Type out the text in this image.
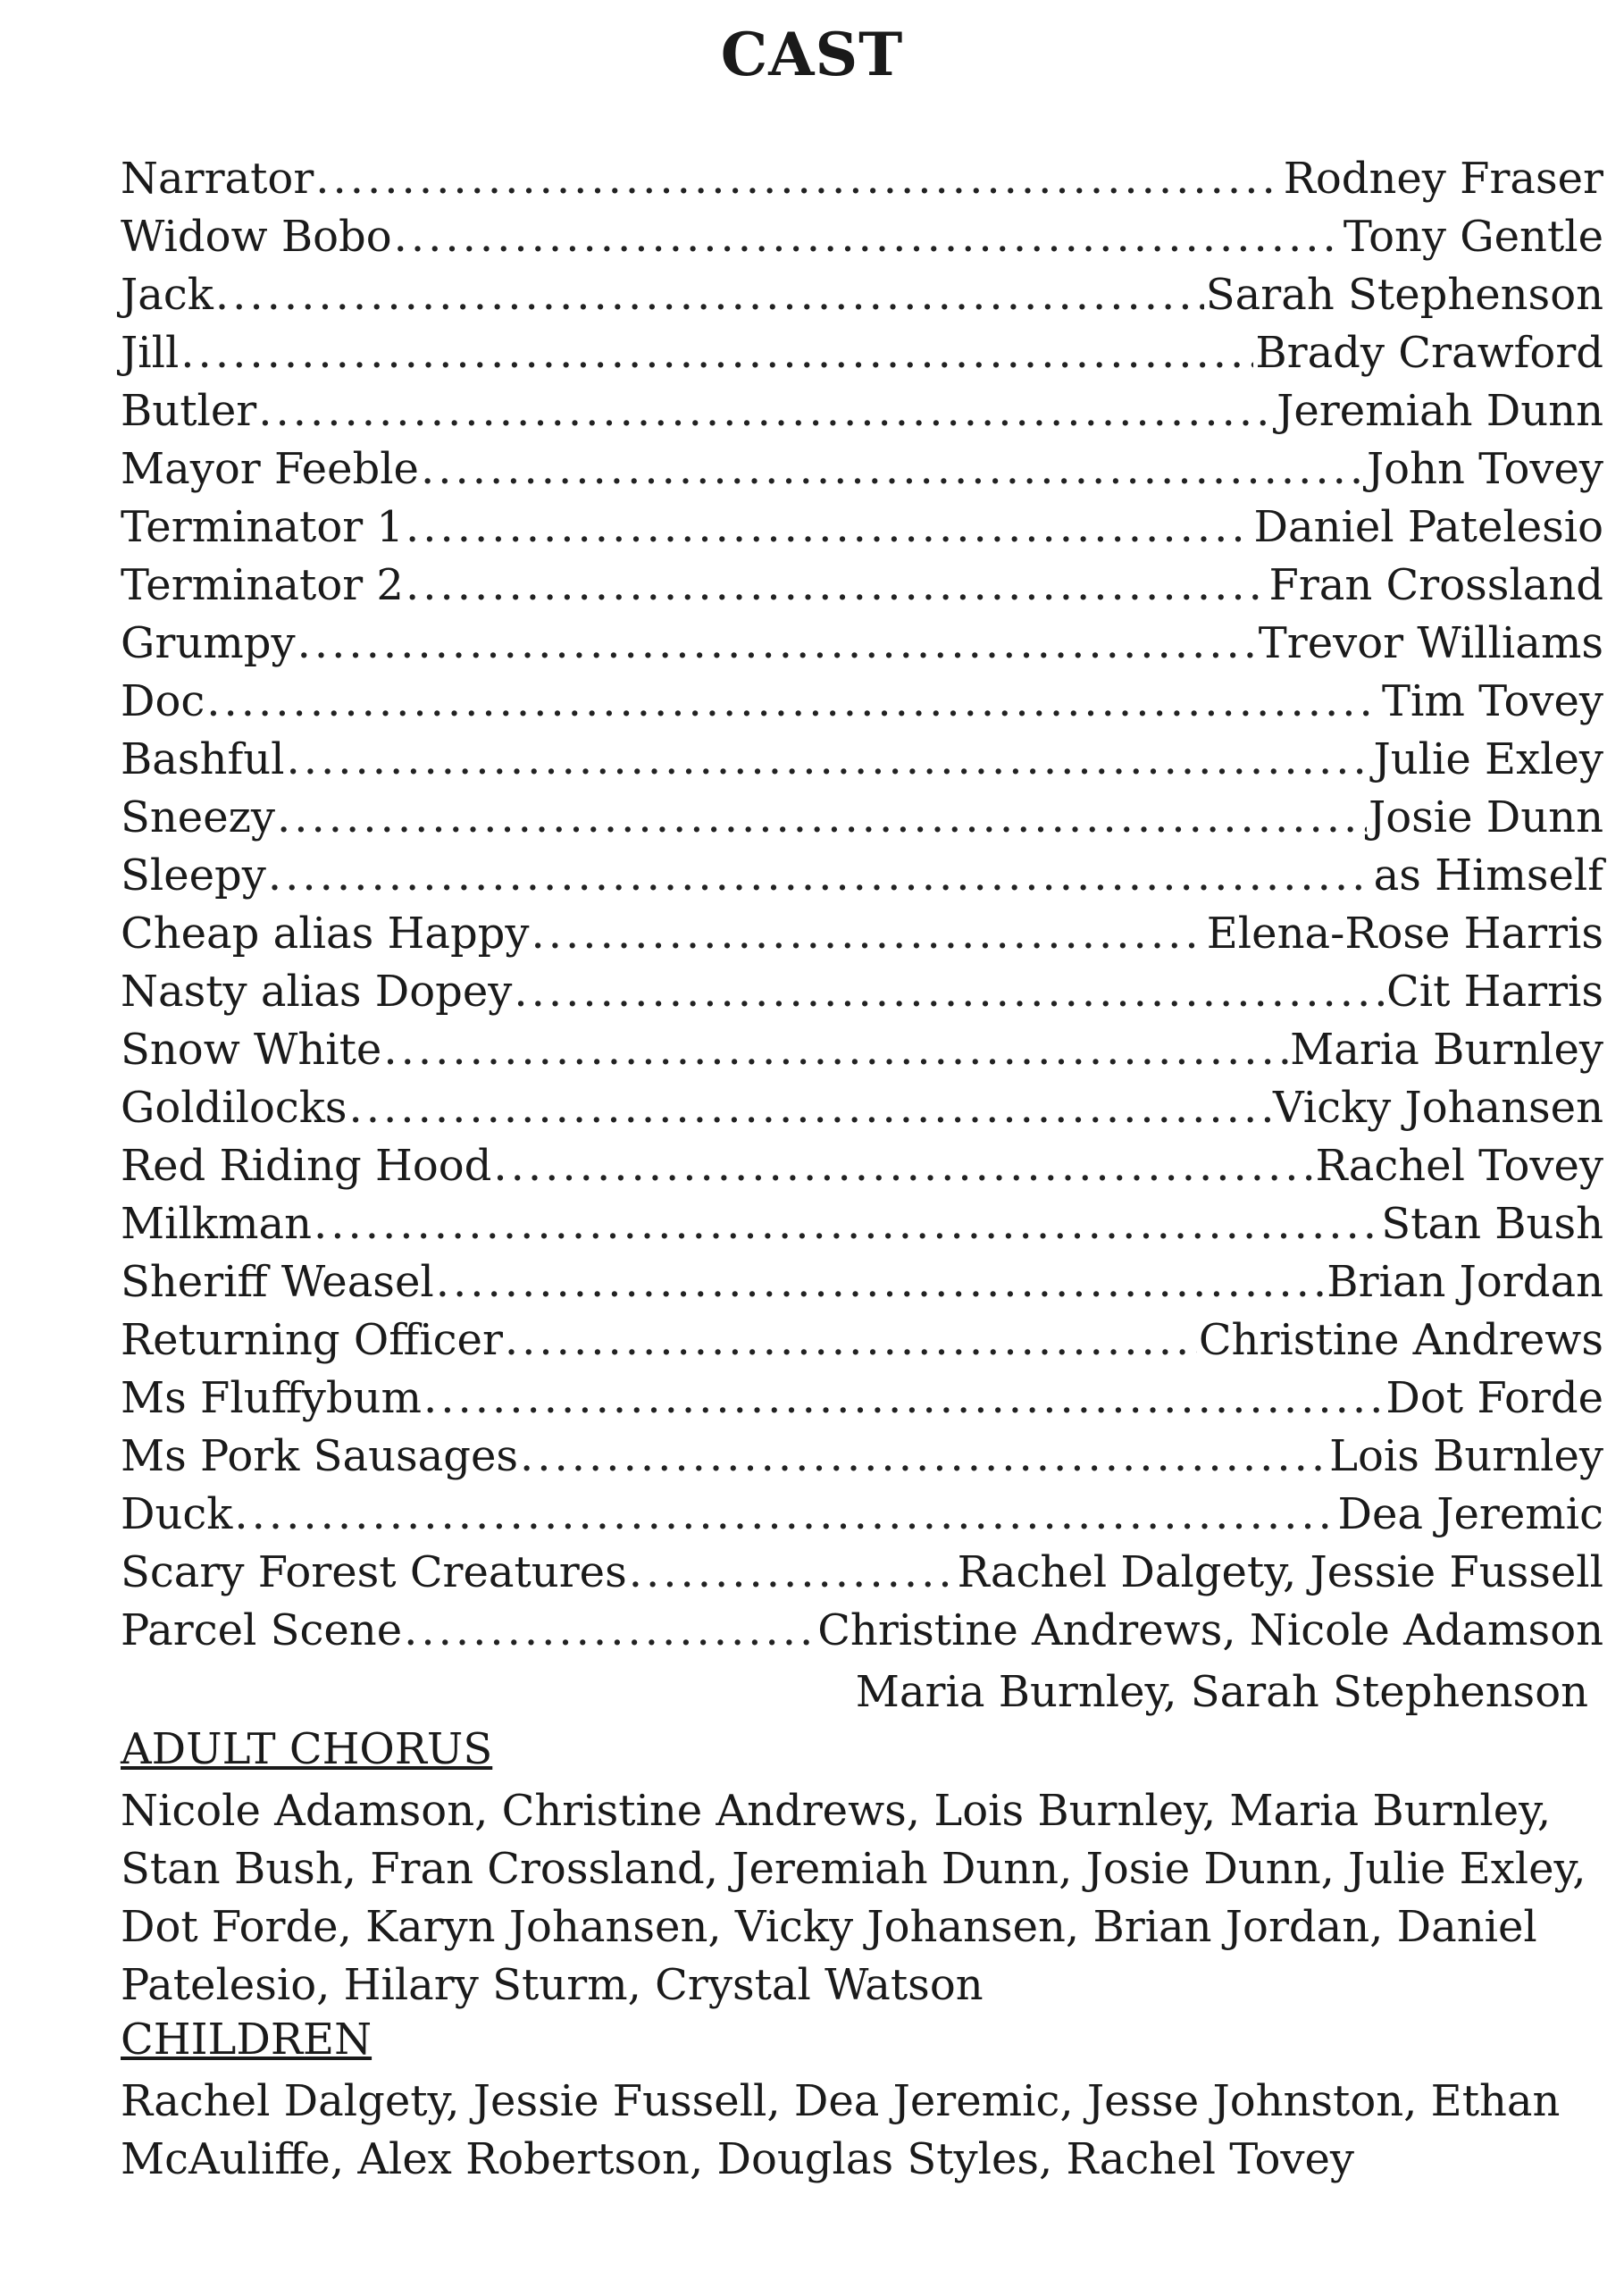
CAST
Narrator .....	Rodney Fraser
Widow Bobo .....	Tony Gentle
Jack .....	Sarah Stephenson
Jill .....	Brady Crawford
Butler .....	Jeremiah Dunn
Mayor Feeble .....	John Tovey
Terminator 1 .....	Daniel Patelesio
Terminator 2 .....	Fran Crossland
Grumpy .....	Trevor Williams
Doc .....	Tim Tovey
Bashful .....	Julie Exley
Sneezy .....	Josie Dunn
Sleepy .....	as Himself
Cheap alias Happy .....	Elena-Rose Harris
Nasty alias Dopey .....	Cit Harris
Snow White .....	Maria Burnley
Goldilocks .....	Vicky Johansen
Red Riding Hood .....	Rachel Tovey
Milkman .....	Stan Bush
Sheriff Weasel .....	Brian Jordan
Returning Officer .....	Christine Andrews
Ms Fluffybum .....	Dot Forde
Ms Pork Sausages .....	Lois Burnley
Duck .....	Dea Jeremic
Scary Forest Creatures .....	Rachel Dalgety, Jessie Fussell
Parcel Scene .....	Christine Andrews, Nicole Adamson
Maria Burnley, Sarah Stephenson
ADULT CHORUS
Nicole Adamson, Christine Andrews, Lois Burnley, Maria Burnley, Stan Bush, Fran Crossland, Jeremiah Dunn, Josie Dunn, Julie Exley, Dot Forde, Karyn Johansen, Vicky Johansen, Brian Jordan, Daniel Patelesio, Hilary Sturm, Crystal Watson
CHILDREN
Rachel Dalgety, Jessie Fussell, Dea Jeremic, Jesse Johnston, Ethan McAuliffe, Alex Robertson, Douglas Styles, Rachel Tovey
